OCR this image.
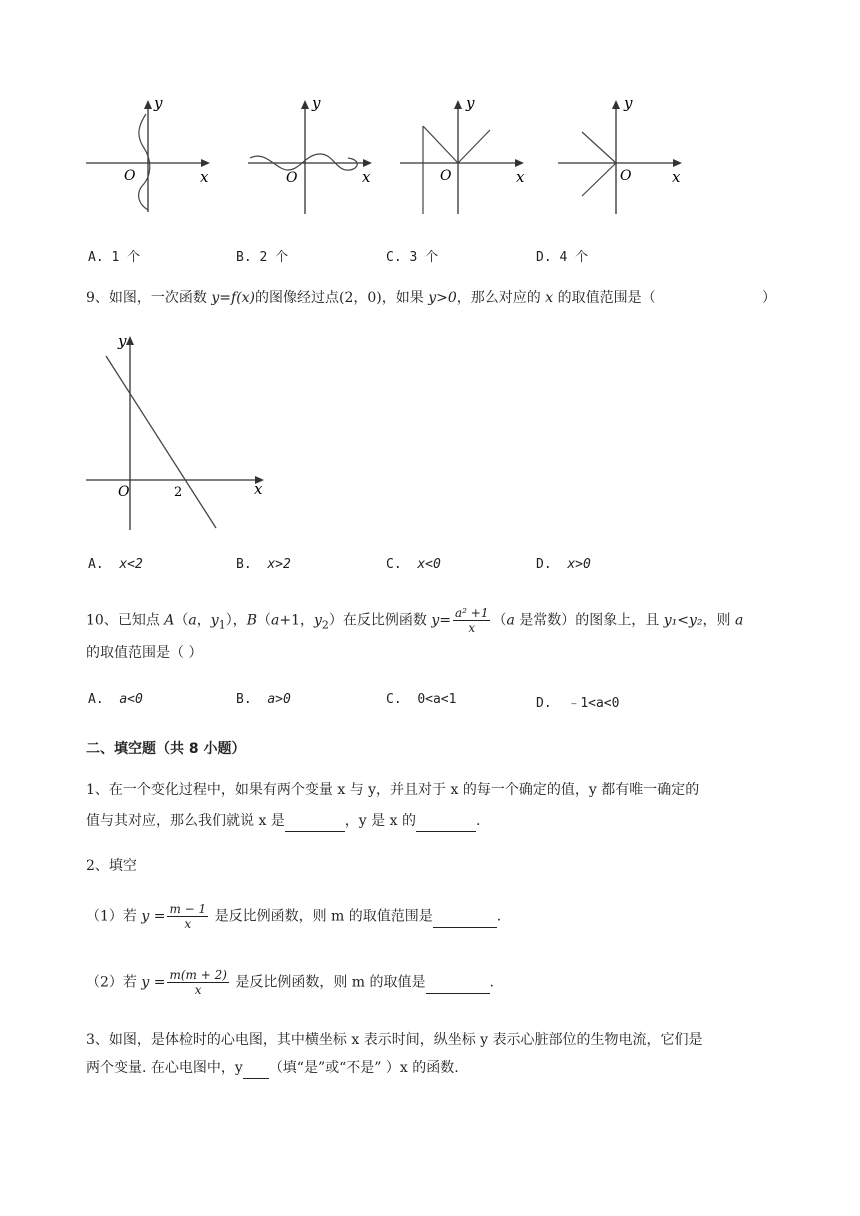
y
x
O
y
x
O
y
x
O
y
x
O
A. 1 个	B. 2 个	C. 3 个	D. 4 个
9、如图，一次函数 y=f(x)的图像经过点(2，0)，如果 y>0，那么对应的 x 的取值范围是（	）
y
x
O	2
A. x<2	B. x>2	C. x<0	D. x>0
10、已知点 A（a，$y_1$），B（a+1，$y_2$）在反比例函数 $y= \frac{\text{a² +1}}{x} (a$ 是常数）的图象上，且 y₁<y₂，则 a
的取值范围是（ ）
A. a<0	B. a>0	C. 0<a<1	D. ﹣1<a<0
二、填空题（共 8 小题）
1、在一个变化过程中，如果有两个变量 x 与 y，并且对于 x 的每一个确定的值，y 都有唯一确定的
值与其对应，那么我们就说 x 是	，y 是 x 的	.
2、填空
（1）若 $y = \frac{m - 1}{x}$ 是反比例函数，则 m 的取值范围是	.
（2）若 $y = \frac{m(m + 2)}{x}$ 是反比例函数，则 m 的取值是	.
3、如图，是体检时的心电图，其中横坐标 x 表示时间，纵坐标 y 表示心脏部位的生物电流，它们是
两个变量. 在心电图中，y （填“是”或“不是” ）x 的函数.
